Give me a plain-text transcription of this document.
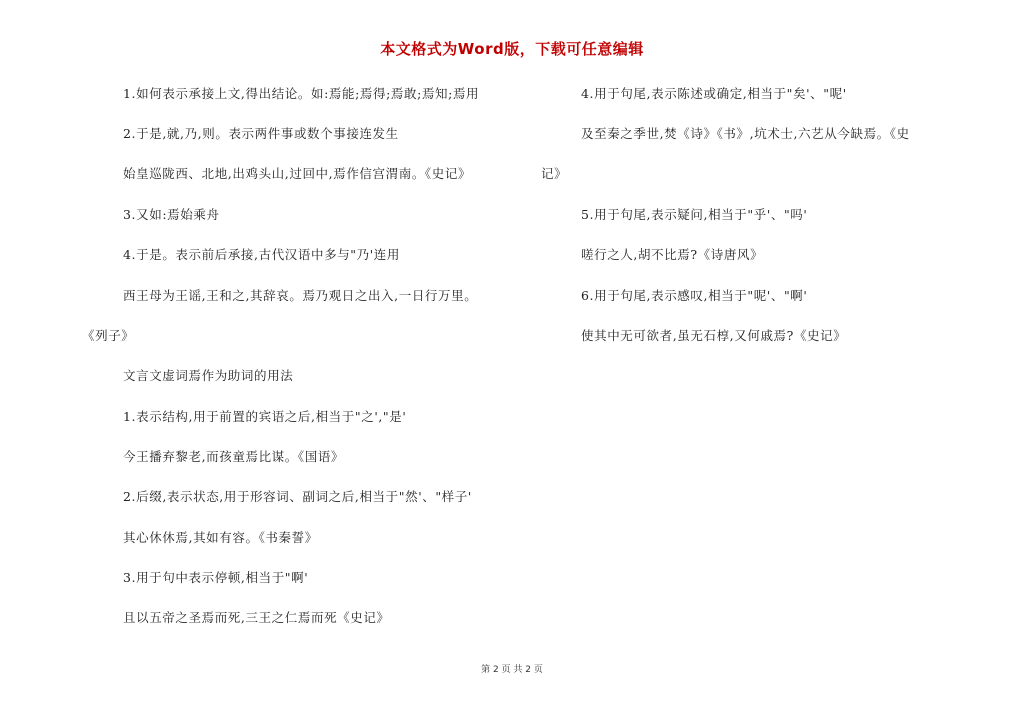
本文格式为Word版，下载可任意编辑
1.如何表示承接上文,得出结论。如:焉能;焉得;焉敢;焉知;焉用
2.于是,就,乃,则。表示两件事或数个事接连发生
始皇巡陇西、北地,出鸡头山,过回中,焉作信宫渭南。《史记》
3.又如:焉始乘舟
4.于是。表示前后承接,古代汉语中多与"乃'连用
西王母为王谣,王和之,其辞哀。焉乃观日之出入,一日行万里。
《列子》
文言文虚词焉作为助词的用法
1.表示结构,用于前置的宾语之后,相当于"之',"是'
今王播弃黎老,而孩童焉比谋。《国语》
2.后缀,表示状态,用于形容词、副词之后,相当于"然'、"样子'
其心休休焉,其如有容。《书秦誓》
3.用于句中表示停顿,相当于"啊'
且以五帝之圣焉而死,三王之仁焉而死《史记》
4.用于句尾,表示陈述或确定,相当于"矣'、"呢'
及至秦之季世,焚《诗》《书》,坑术士,六艺从今缺焉。《史
记》
5.用于句尾,表示疑问,相当于"乎'、"吗'
嗟行之人,胡不比焉?《诗唐风》
6.用于句尾,表示感叹,相当于"呢'、"啊'
使其中无可欲者,虽无石椁,又何戚焉?《史记》
第 2 页 共 2 页
